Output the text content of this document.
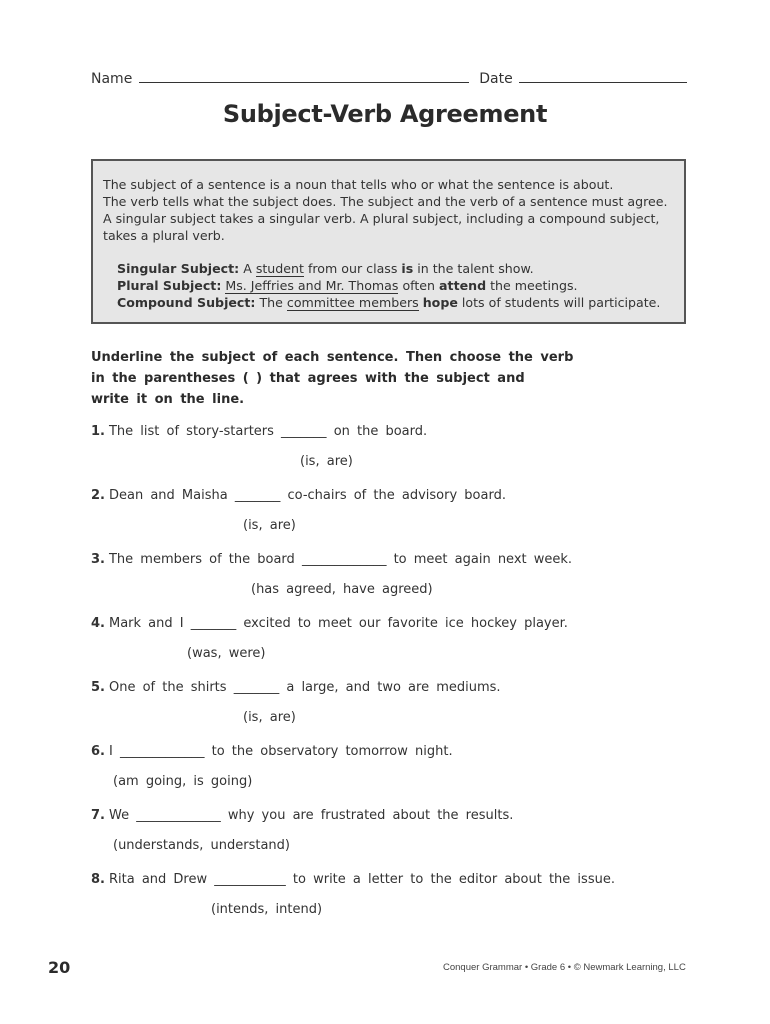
Name	Date
Subject-Verb Agreement
The subject of a sentence is a noun that tells who or what the sentence is about.
The verb tells what the subject does. The subject and the verb of a sentence must agree.
A singular subject takes a singular verb. A plural subject, including a compound subject,
takes a plural verb.
Singular Subject: A student from our class is in the talent show.
Plural Subject: Ms. Jeffries and Mr. Thomas often attend the meetings.
Compound Subject: The committee members hope lots of students will participate.
Underline the subject of each sentence. Then choose the verb
in the parentheses ( ) that agrees with the subject and
write it on the line.
1. The list of story-starters _______ on the board.
(is, are)
2. Dean and Maisha _______ co-chairs of the advisory board.
(is, are)
3. The members of the board _____________ to meet again next week.
(has agreed, have agreed)
4. Mark and I _______ excited to meet our favorite ice hockey player.
(was, were)
5. One of the shirts _______ a large, and two are mediums.
(is, are)
6. I _____________ to the observatory tomorrow night.
(am going, is going)
7. We _____________ why you are frustrated about the results.
(understands, understand)
8. Rita and Drew ___________ to write a letter to the editor about the issue.
(intends, intend)
20	Conquer Grammar • Grade 6 • © Newmark Learning, LLC
